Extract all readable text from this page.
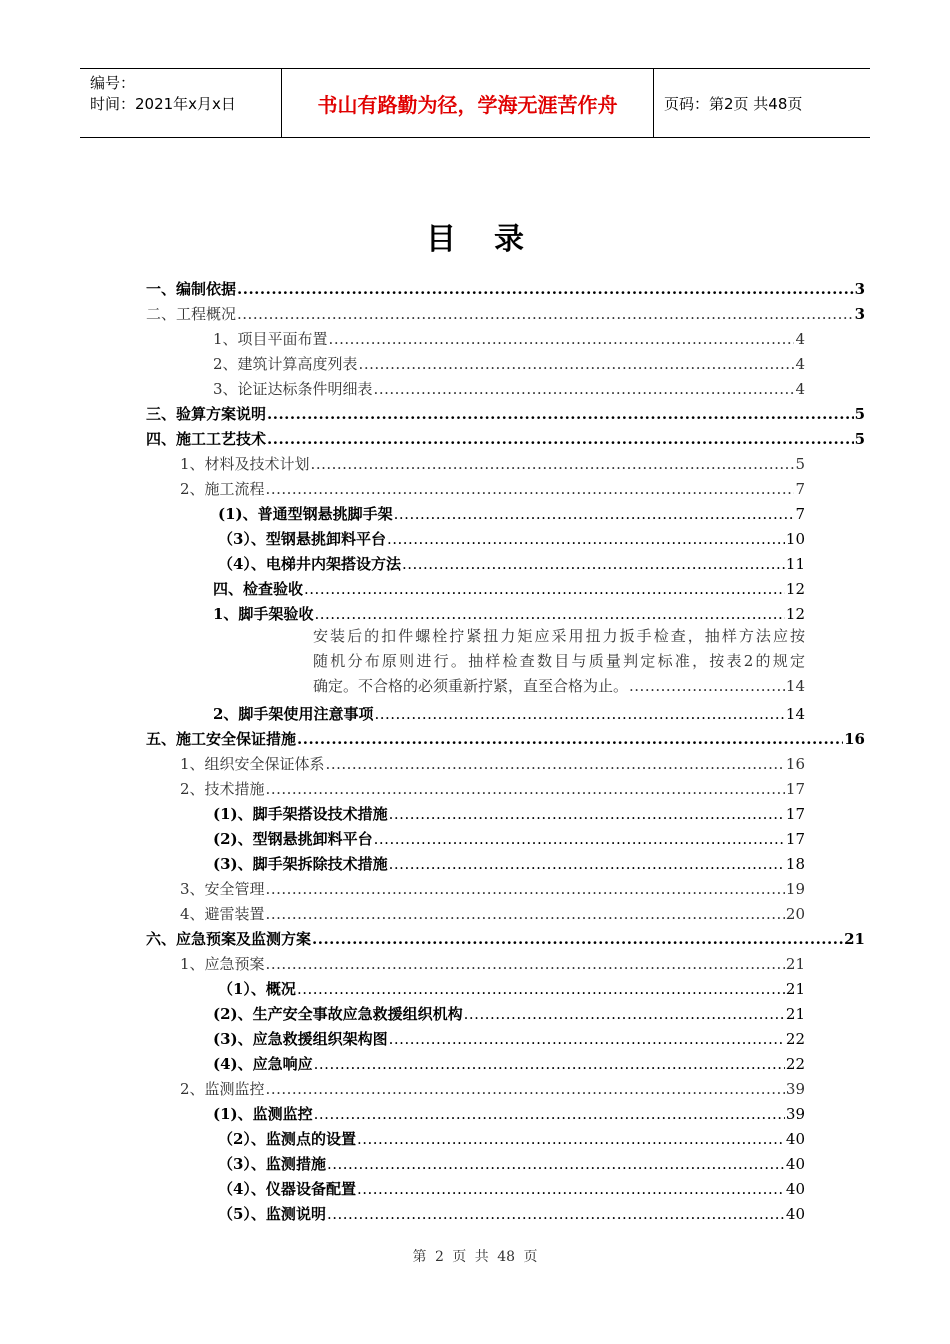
编号：
时间：2021年x月x日	书山有路勤为径，学海无涯苦作舟	页码：第2页 共48页
目录
一、编制依据 .....	3
二、工程概况 .....	3
1、项目平面布置 .....	4
2、建筑计算高度列表 .....	4
3、论证达标条件明细表 .....	4
三、验算方案说明 .....	5
四、施工工艺技术 .....	5
1、材料及技术计划 .....	5
2、施工流程 .....	7
(1)、普通型钢悬挑脚手架 .....	7
（3）、型钢悬挑卸料平台 .....	10
（4）、电梯井内架搭设方法 .....	11
四、检查验收 .....	12
1、脚手架验收 .....	12
安装后的扣件螺栓拧紧扭力矩应采用扭力扳手检查，抽样方法应按
随机分布原则进行。抽样检查数目与质量判定标准，按表2的规定
确定。不合格的必须重新拧紧，直至合格为止。 .....	14
2、脚手架使用注意事项 .....	14
五、施工安全保证措施 .....	16
1、组织安全保证体系 .....	16
2、技术措施 .....	17
(1)、脚手架搭设技术措施 .....	17
(2)、型钢悬挑卸料平台 .....	17
(3)、脚手架拆除技术措施 .....	18
3、安全管理 .....	19
4、避雷装置 .....	20
六、应急预案及监测方案 .....	21
1、应急预案 .....	21
（1）、概况 .....	21
(2)、生产安全事故应急救援组织机构 .....	21
(3)、应急救援组织架构图 .....	22
(4)、应急响应 .....	22
2、监测监控 .....	39
(1)、监测监控 .....	39
（2）、监测点的设置 .....	40
（3）、监测措施 .....	40
（4）、仪器设备配置 .....	40
（5）、监测说明 .....	40
第 2 页 共 48 页
